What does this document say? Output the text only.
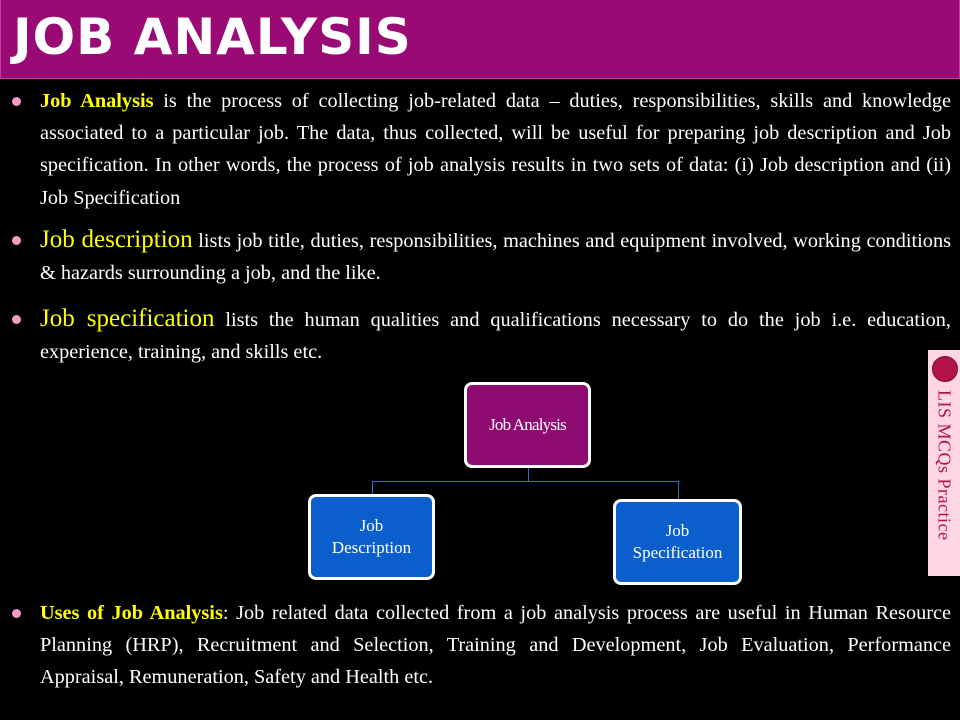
JOB ANALYSIS
Job Analysis is the process of collecting job-related data – duties, responsibilities, skills and knowledge associated to a particular job. The data, thus collected, will be useful for preparing job description and Job specification. In other words, the process of job analysis results in two sets of data: (i) Job description and (ii) Job Specification
Job description lists job title, duties, responsibilities, machines and equipment involved, working conditions & hazards surrounding a job, and the like.
Job specification lists the human qualities and qualifications necessary to do the job i.e. education, experience, training, and skills etc.
Job Analysis
Job
Description
Job
Specification
Uses of Job Analysis: Job related data collected from a job analysis process are useful in Human Resource Planning (HRP), Recruitment and Selection, Training and Development, Job Evaluation, Performance Appraisal, Remuneration, Safety and Health etc.
LIS MCQs Practice
